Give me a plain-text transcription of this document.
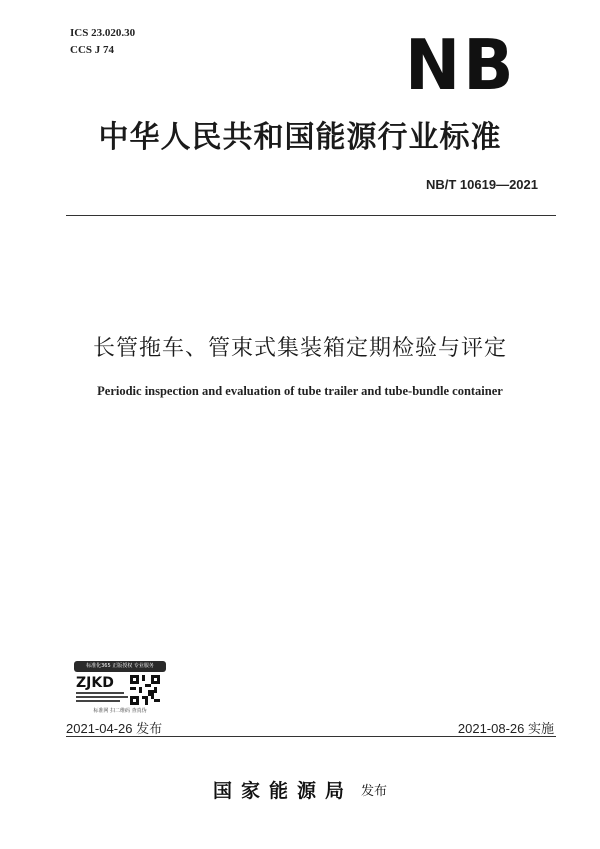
ICS 23.020.30
CCS J 74	NB
中华人民共和国能源行业标准
NB/T 10619—2021
长管拖车、管束式集装箱定期检验与评定
Periodic inspection and evaluation of tube trailer and tube-bundle container
标准化365 正版授权 专业服务
ZJKD
标准网 扫二维码 查真伪
2021-04-26 发布	2021-08-26 实施
国家能源局 发布
